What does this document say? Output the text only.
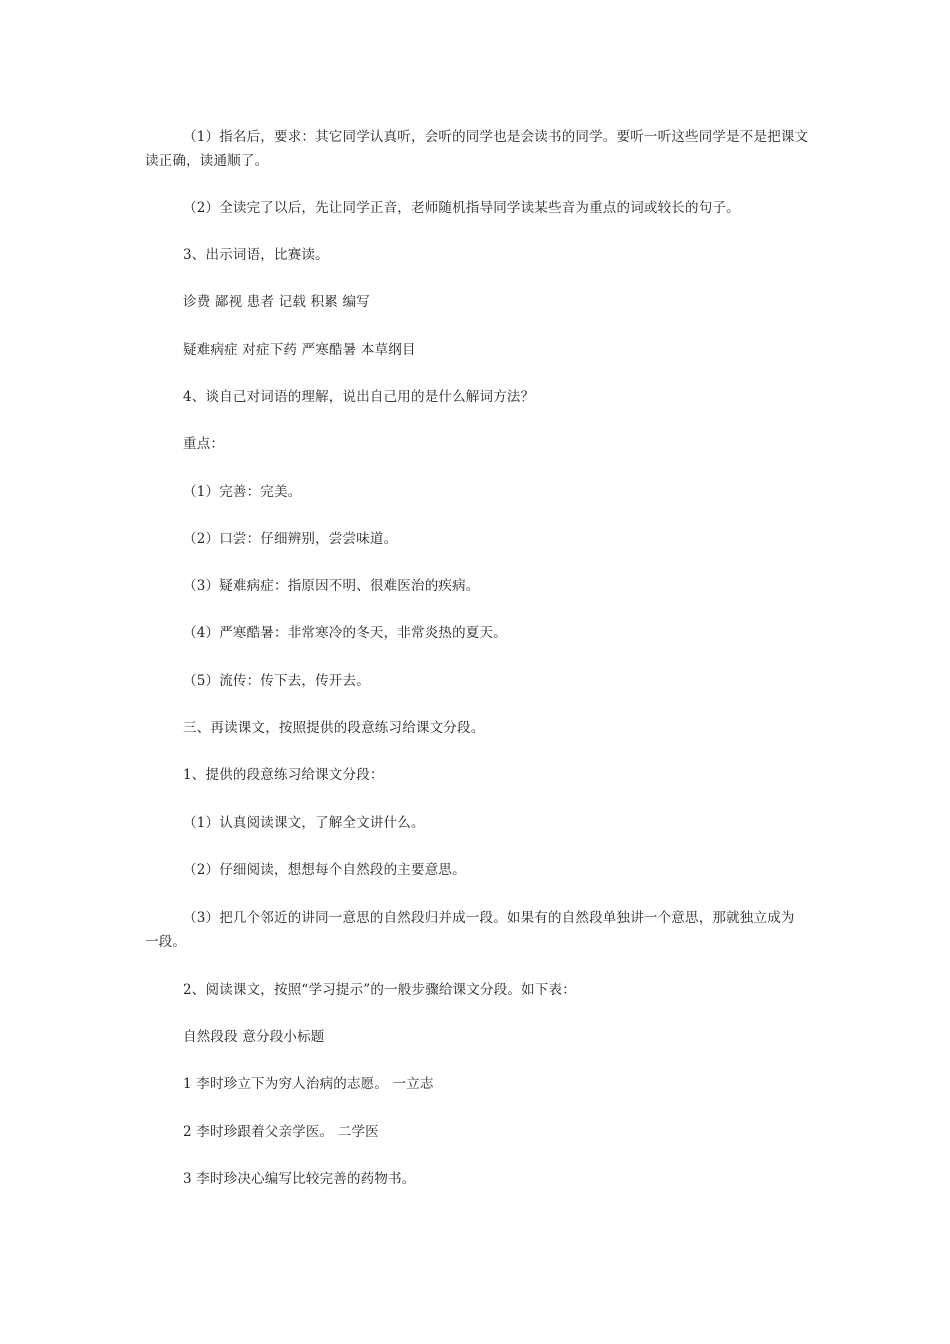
（1）指名后，要求：其它同学认真听，会听的同学也是会读书的同学。要听一听这些同学是不是把课文
读正确，读通顺了。
（2）全读完了以后，先让同学正音，老师随机指导同学读某些音为重点的词或较长的句子。
3、出示词语，比赛读。
诊费 鄙视 患者 记载 积累 编写
疑难病症 对症下药 严寒酷暑 本草纲目
4、谈自己对词语的理解，说出自己用的是什么解词方法？
重点：
（1）完善：完美。
（2）口尝：仔细辨别，尝尝味道。
（3）疑难病症：指原因不明、很难医治的疾病。
（4）严寒酷暑：非常寒冷的冬天，非常炎热的夏天。
（5）流传：传下去，传开去。
三、再读课文，按照提供的段意练习给课文分段。
1、提供的段意练习给课文分段：
（1）认真阅读课文，了解全文讲什么。
（2）仔细阅读，想想每个自然段的主要意思。
（3）把几个邻近的讲同一意思的自然段归并成一段。如果有的自然段单独讲一个意思，那就独立成为
一段。
2、阅读课文，按照“学习提示”的一般步骤给课文分段。如下表：
自然段段 意分段小标题
1 李时珍立下为穷人治病的志愿。 一立志
2 李时珍跟着父亲学医。 二学医
3 李时珍决心编写比较完善的药物书。
